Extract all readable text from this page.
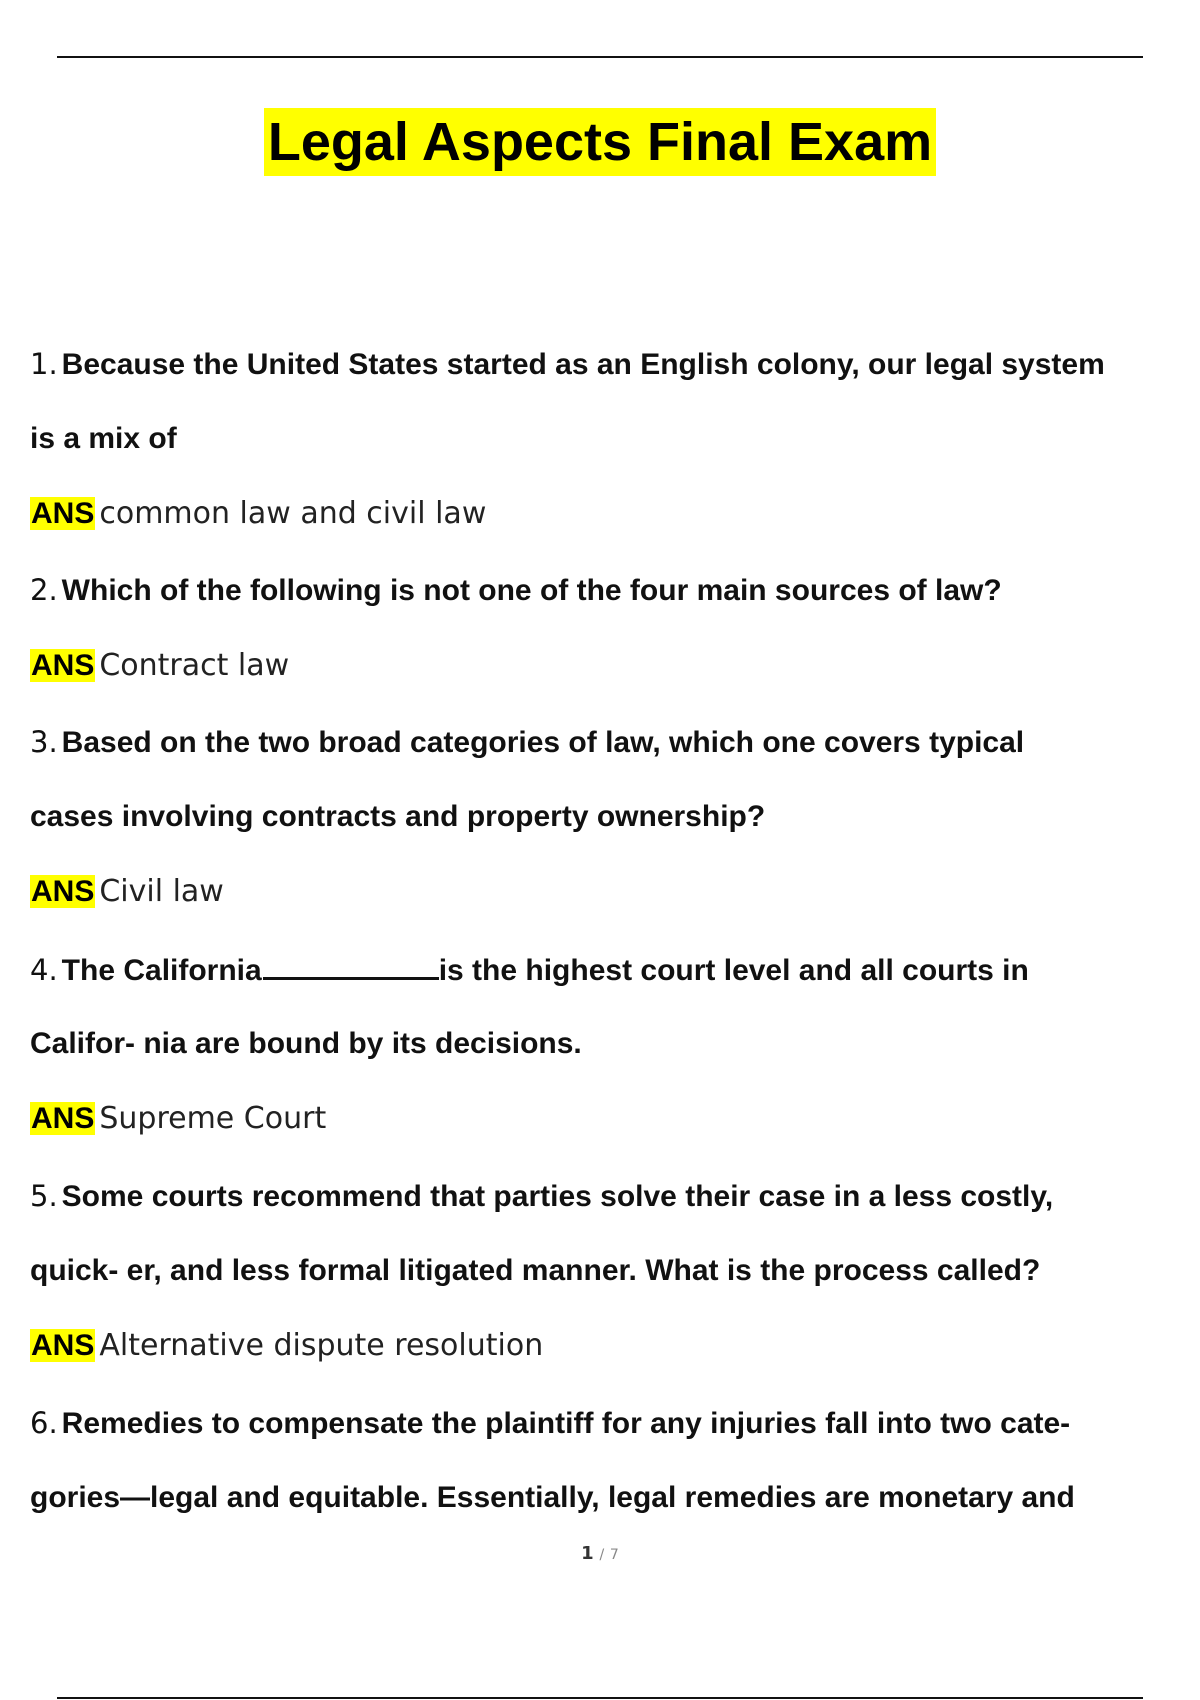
Legal Aspects Final Exam
1. Because the United States started as an English colony, our legal system
is a mix of
ANS common law and civil law
2. Which of the following is not one of the four main sources of law?
ANS Contract law
3. Based on the two broad categories of law, which one covers typical
cases involving contracts and property ownership?
ANS Civil law
4. The California	is the highest court level and all courts in
Califor- nia are bound by its decisions.
ANS Supreme Court
5. Some courts recommend that parties solve their case in a less costly,
quick- er, and less formal litigated manner. What is the process called?
ANS Alternative dispute resolution
6. Remedies to compensate the plaintiff for any injuries fall into two cate-
gories—legal and equitable. Essentially, legal remedies are monetary and
1 / 7
